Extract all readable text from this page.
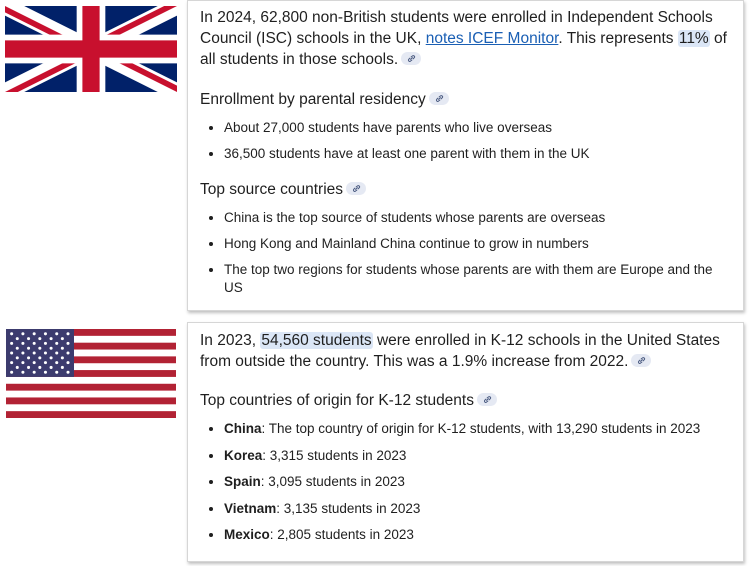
In 2024, 62,800 non-British students were enrolled in Independent Schools Council (ISC) schools in the UK, notes ICEF Monitor. This represents 11% of all students in those schools.

Enrollment by parental residency

• About 27,000 students have parents who live overseas
• 36,500 students have at least one parent with them in the UK

Top source countries

• China is the top source of students whose parents are overseas
• Hong Kong and Mainland China continue to grow in numbers
• The top two regions for students whose parents are with them are Europe and the US

In 2023, 54,560 students were enrolled in K-12 schools in the United States from outside the country. This was a 1.9% increase from 2022.

Top countries of origin for K-12 students

• China: The top country of origin for K-12 students, with 13,290 students in 2023
• Korea: 3,315 students in 2023
• Spain: 3,095 students in 2023
• Vietnam: 3,135 students in 2023
• Mexico: 2,805 students in 2023
